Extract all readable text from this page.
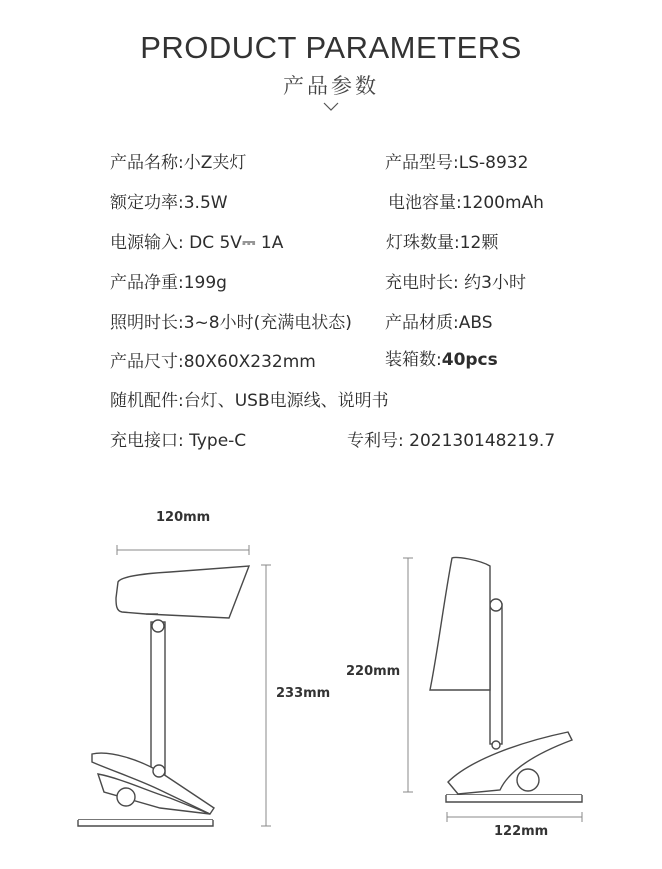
PRODUCT PARAMETERS
产品参数
产品名称:小Z夹灯	产品型号:LS-8932
额定功率:3.5W	电池容量:1200mAh
电源输入: DC 5V⎓ 1A	灯珠数量:12颗
产品净重:199g	充电时长: 约3小时
照明时长:3~8小时(充满电状态) 产品材质:ABS
产品尺寸:80X60X232mm	装箱数:40pcs
随机配件:台灯、USB电源线、说明书
充电接口: Type-C	专利号: 202130148219.7
120mm
233mm
220mm
122mm
